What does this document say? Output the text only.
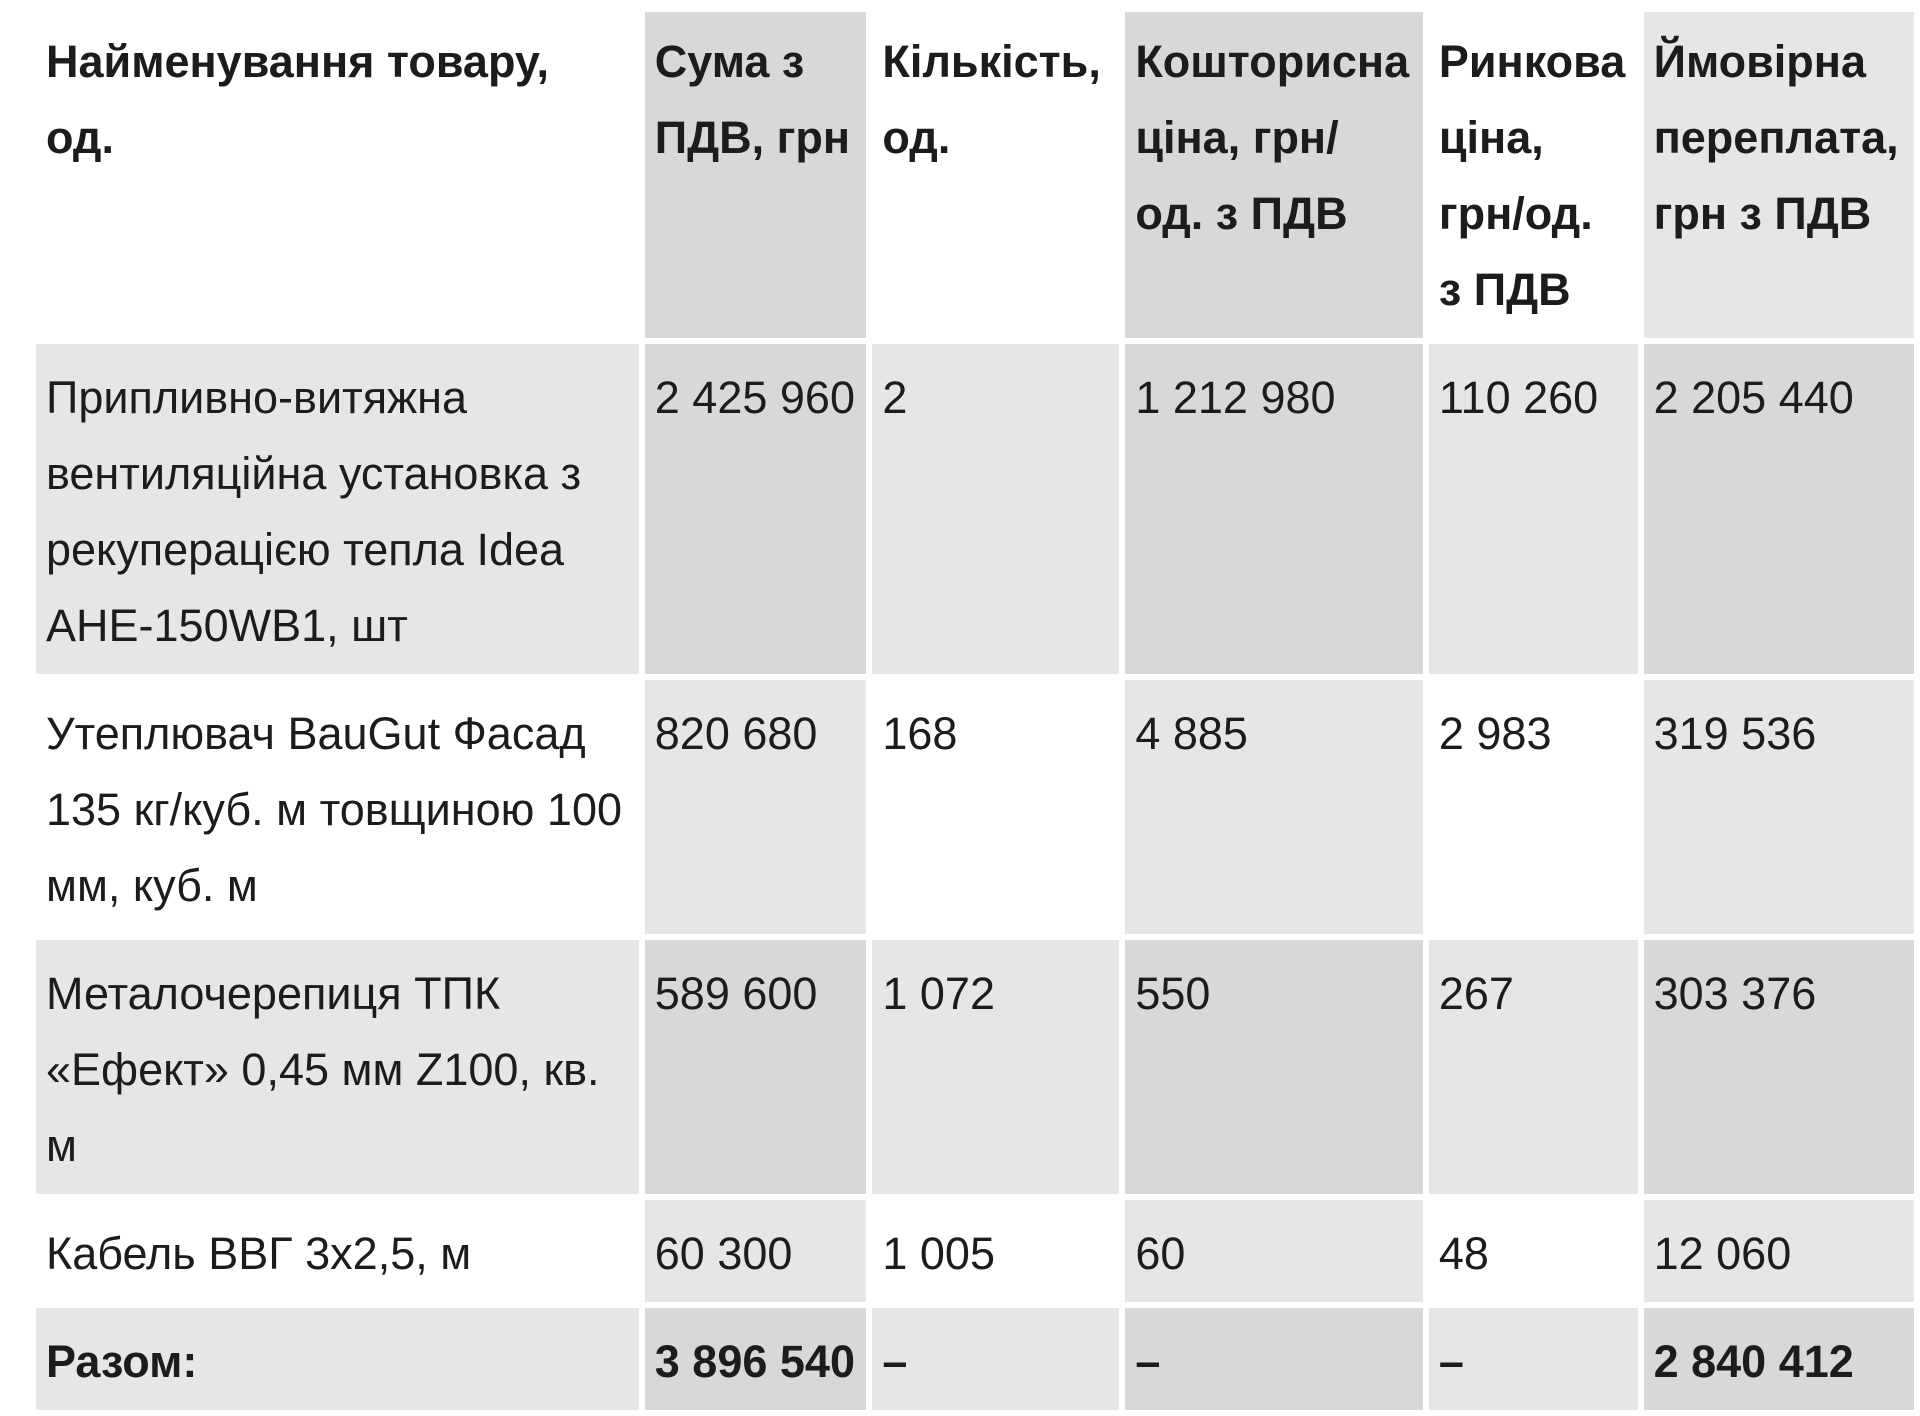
Найменування товару, од.	Сума з ПДВ, грн	Кількість, од.	Кошторисна ціна, грн/ од. з ПДВ	Ринкова ціна, грн/од. з ПДВ	Ймовірна переплата, грн з ПДВ
Припливно-витяжна вентиляційна установка з рекуперацією тепла Idea AHE-150WB1, шт	2 425 960	2	1 212 980	110 260	2 205 440
Утеплювач BauGut Фасад 135 кг/куб. м товщиною 100 мм, куб. м	820 680	168	4 885	2 983	319 536
Металочерепиця ТПК «Ефект» 0,45 мм Z100, кв. м	589 600	1 072	550	267	303 376
Кабель ВВГ 3х2,5, м	60 300	1 005	60	48	12 060
Разом:	3 896 540	–	–	–	2 840 412
